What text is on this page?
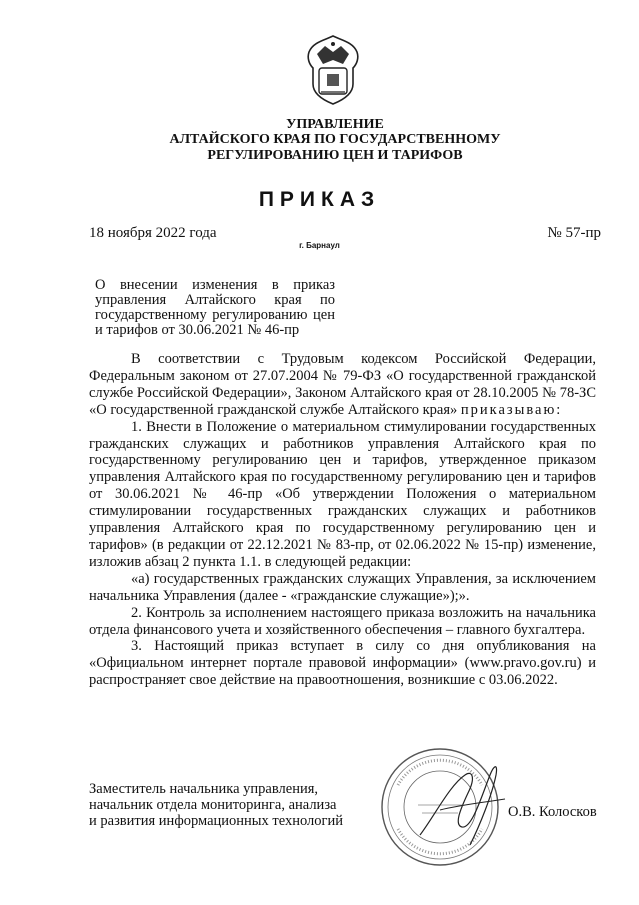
УПРАВЛЕНИЕ
АЛТАЙСКОГО КРАЯ ПО ГОСУДАРСТВЕННОМУ
РЕГУЛИРОВАНИЮ ЦЕН И ТАРИФОВ
ПРИКАЗ
18 ноября 2022 года	№ 57-пр
г. Барнаул
О внесении изменения в приказ управления Алтайского края по государственному регулированию цен и тарифов от 30.06.2021 № 46-пр

В соответствии с Трудовым кодексом Российской Федерации, Федеральным законом от 27.07.2004 № 79-ФЗ «О государственной гражданской службе Российской Федерации», Законом Алтайского края от 28.10.2005 № 78-ЗС «О государственной гражданской службе Алтайского края» приказываю:

1. Внести в Положение о материальном стимулировании государственных гражданских служащих и работников управления Алтайского края по государственному регулированию цен и тарифов, утвержденное приказом управления Алтайского края по государственному регулированию цен и тарифов от 30.06.2021 № 46-пр «Об утверждении Положения о материальном стимулировании государственных гражданских служащих и работников управления Алтайского края по государственному регулированию цен и тарифов» (в редакции от 22.12.2021 № 83-пр, от 02.06.2022 № 15-пр) изменение, изложив абзац 2 пункта 1.1. в следующей редакции:

«а) государственных гражданских служащих Управления, за исключением начальника Управления (далее - «гражданские служащие»);».

2. Контроль за исполнением настоящего приказа возложить на начальника отдела финансового учета и хозяйственного обеспечения – главного бухгалтера.

3. Настоящий приказ вступает в силу со дня опубликования на «Официальном интернет портале правовой информации» (www.pravo.gov.ru) и распространяет свое действие на правоотношения, возникшие с 03.06.2022.

Заместитель начальника управления,
начальник отдела мониторинга, анализа
и развития информационных технологий
О.В. Колосков
